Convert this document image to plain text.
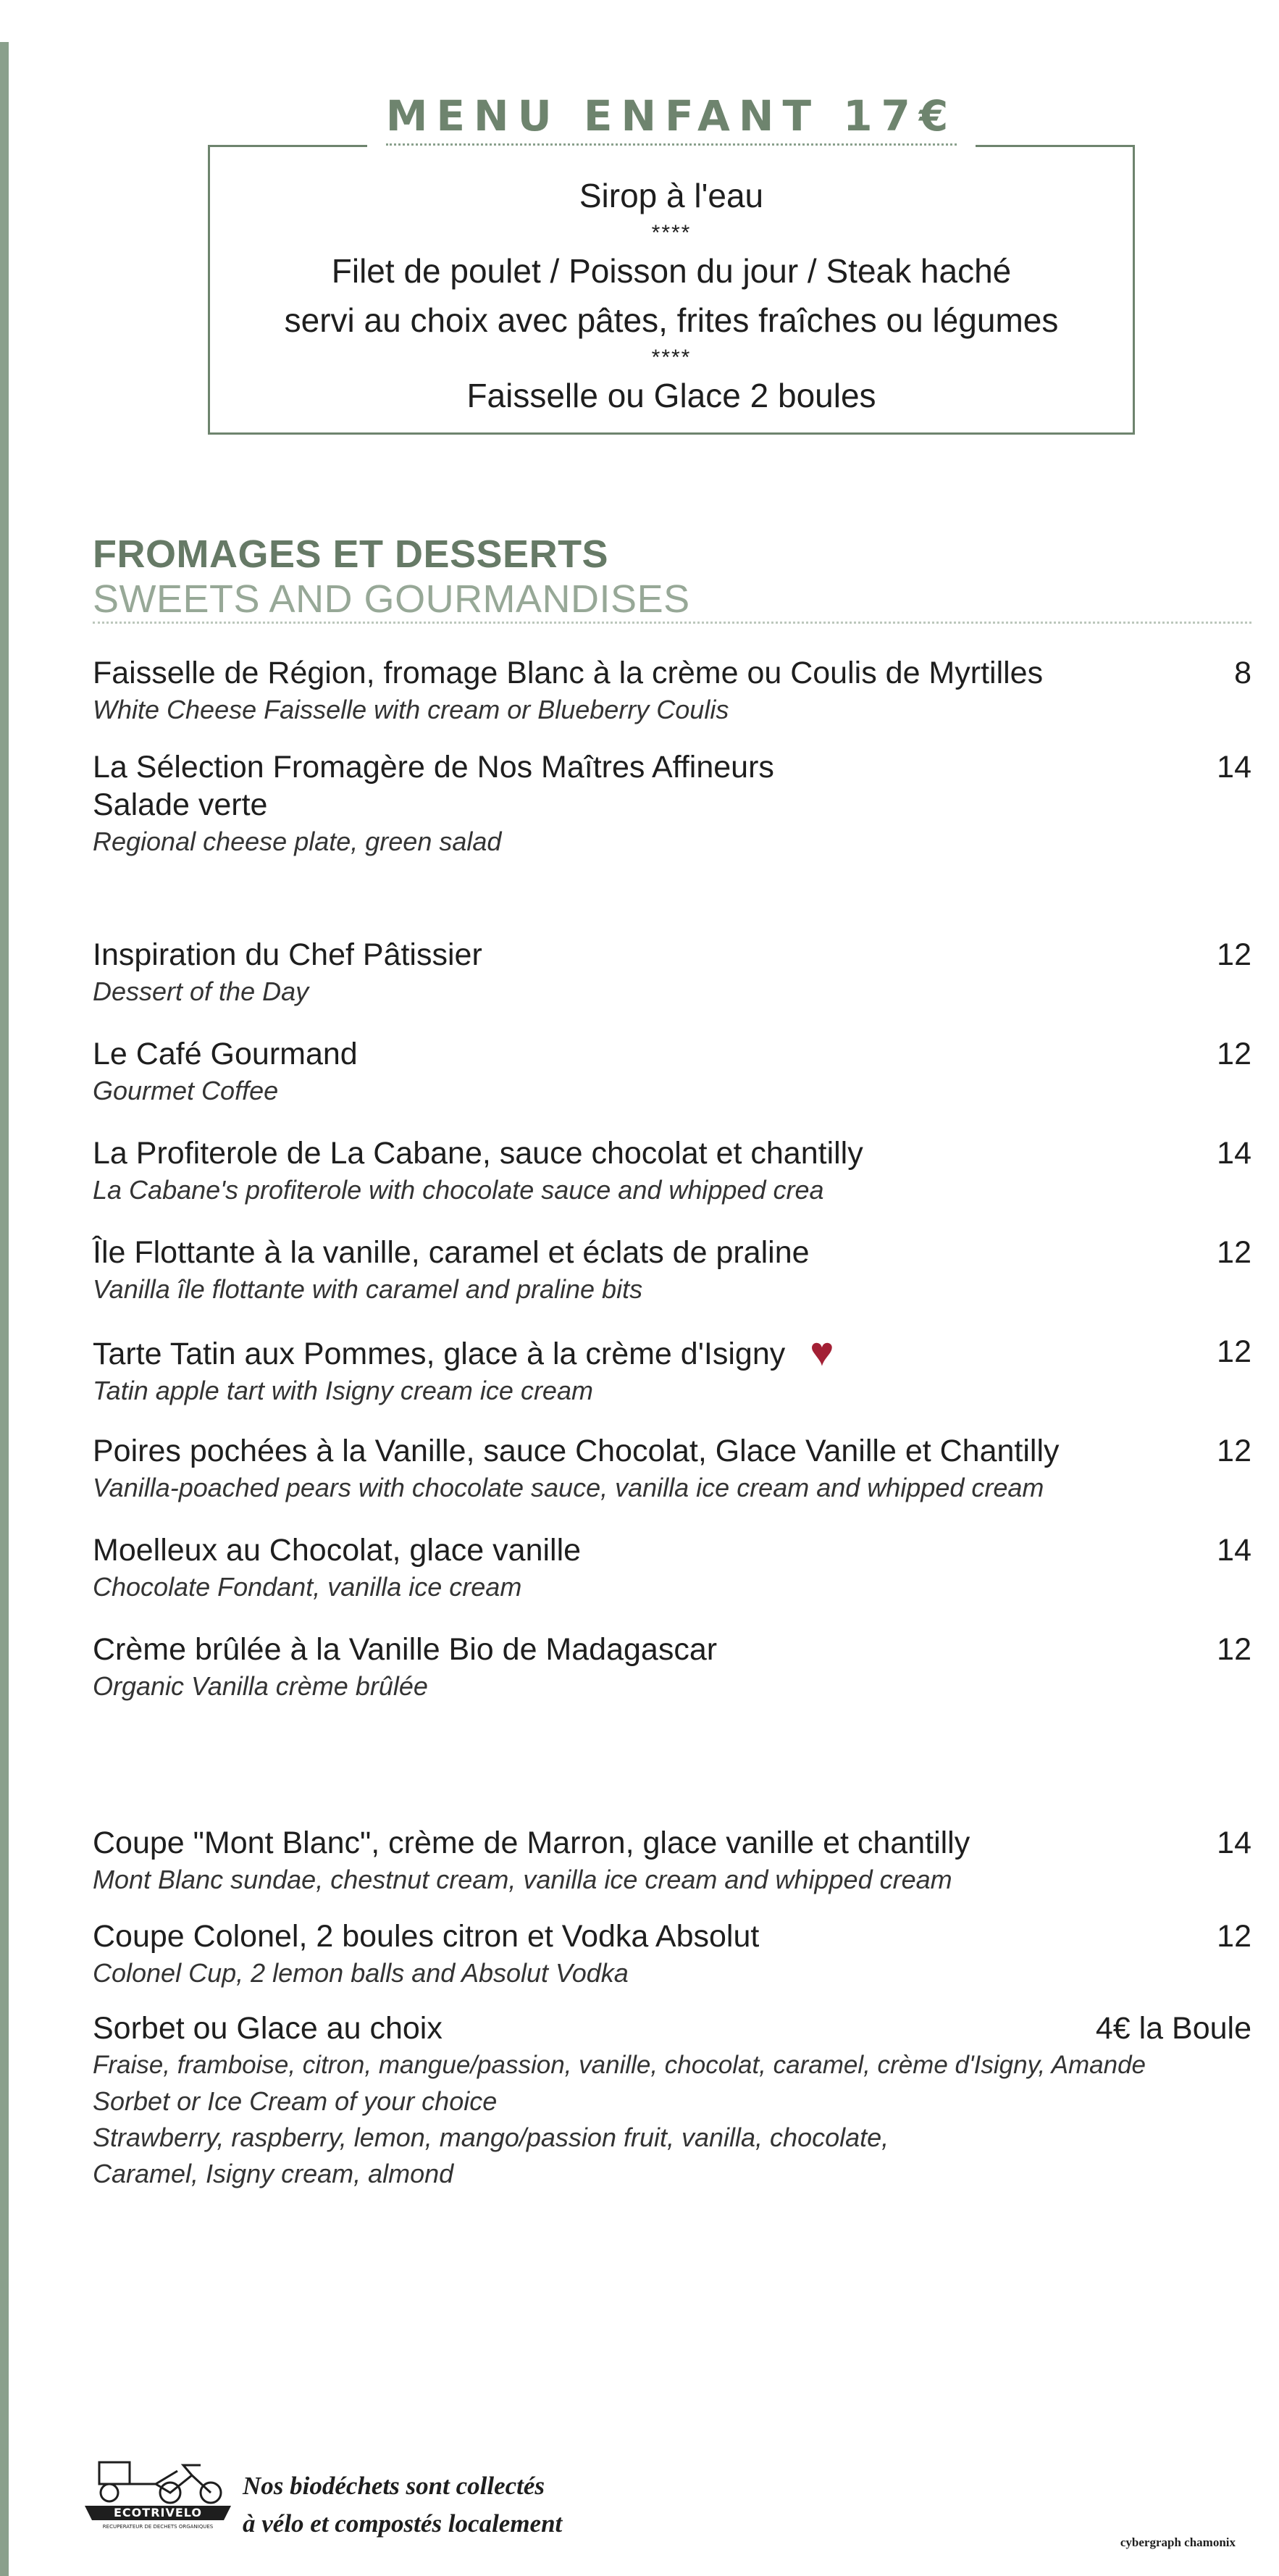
MENU ENFANT 17€
Sirop à l'eau
****
Filet de poulet / Poisson du jour / Steak haché
servi au choix avec pâtes, frites fraîches ou légumes
****
Faisselle ou Glace 2 boules
FROMAGES ET DESSERTS
SWEETS AND GOURMANDISES
Faisselle de Région, fromage Blanc à la crème ou Coulis de Myrtilles
White Cheese Faisselle with cream or Blueberry Coulis
8
La Sélection Fromagère de Nos Maîtres Affineurs
Salade verte
Regional cheese plate, green salad
14
Inspiration du Chef Pâtissier
Dessert of the Day
12
Le Café Gourmand
Gourmet Coffee
12
La Profiterole de La Cabane, sauce chocolat et chantilly
La Cabane's profiterole with chocolate sauce and whipped crea
14
Île Flottante à la vanille, caramel et éclats de praline
Vanilla île flottante with caramel and praline bits
12
Tarte Tatin aux Pommes, glace à la crème d'Isigny ♥
Tatin apple tart with Isigny cream ice cream
12
Poires pochées à la Vanille, sauce Chocolat, Glace Vanille et Chantilly
Vanilla-poached pears with chocolate sauce, vanilla ice cream and whipped cream
12
Moelleux au Chocolat, glace vanille
Chocolate Fondant, vanilla ice cream
14
Crème brûlée à la Vanille Bio de Madagascar
Organic Vanilla crème brûlée
12
Coupe "Mont Blanc", crème de Marron, glace vanille et chantilly
Mont Blanc sundae, chestnut cream, vanilla ice cream and whipped cream
14
Coupe Colonel, 2 boules citron et Vodka Absolut
Colonel Cup, 2 lemon balls and Absolut Vodka
12
Sorbet ou Glace au choix
Fraise, framboise, citron, mangue/passion, vanille, chocolat, caramel, crème d'Isigny, Amande
Sorbet or Ice Cream of your choice
Strawberry, raspberry, lemon, mango/passion fruit, vanilla, chocolate,
Caramel, Isigny cream, almond
4€ la Boule
ECOTRIVELO
RECUPERATEUR DE DECHETS ORGANIQUES
Nos biodéchets sont collectés
à vélo et compostés localement
cybergraph chamonix
